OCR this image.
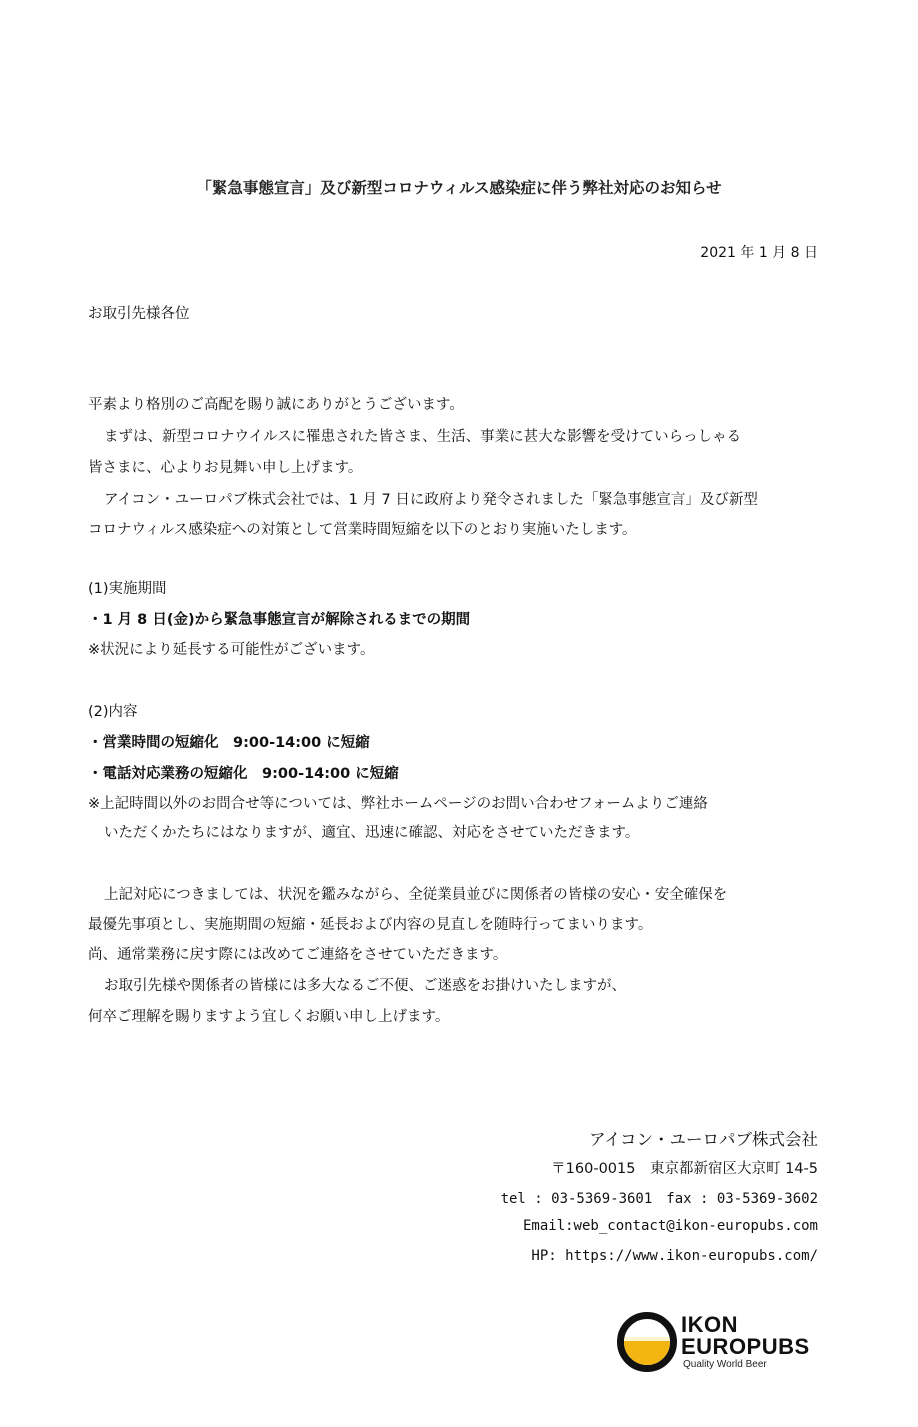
「緊急事態宣言」及び新型コロナウィルス感染症に伴う弊社対応のお知らせ
2021 年 1 月 8 日
お取引先様各位
平素より格別のご高配を賜り誠にありがとうございます。
まずは、新型コロナウイルスに罹患された皆さま、生活、事業に甚大な影響を受けていらっしゃる
皆さまに、心よりお見舞い申し上げます。
アイコン・ユーロパブ株式会社では、1 月 7 日に政府より発令されました「緊急事態宣言」及び新型
コロナウィルス感染症への対策として営業時間短縮を以下のとおり実施いたします。
(1)実施期間
・1 月 8 日(金)から緊急事態宣言が解除されるまでの期間
※状況により延長する可能性がございます。
(2)内容
・営業時間の短縮化　9:00-14:00 に短縮
・電話対応業務の短縮化　9:00-14:00 に短縮
※上記時間以外のお問合せ等については、弊社ホームページのお問い合わせフォームよりご連絡
いただくかたちにはなりますが、適宜、迅速に確認、対応をさせていただきます。
上記対応につきましては、状況を鑑みながら、全従業員並びに関係者の皆様の安心・安全確保を
最優先事項とし、実施期間の短縮・延長および内容の見直しを随時行ってまいります。
尚、通常業務に戻す際には改めてご連絡をさせていただきます。
お取引先様や関係者の皆様には多大なるご不便、ご迷惑をお掛けいたしますが、
何卒ご理解を賜りますよう宜しくお願い申し上げます。
アイコン・ユーロパブ株式会社
〒160-0015　東京都新宿区大京町 14-5
tel : 03-5369-3601　fax : 03-5369-3602
Email:web_contact@ikon-europubs.com
HP: https://www.ikon-europubs.com/
IKON
EUROPUBS
Quality World Beer
